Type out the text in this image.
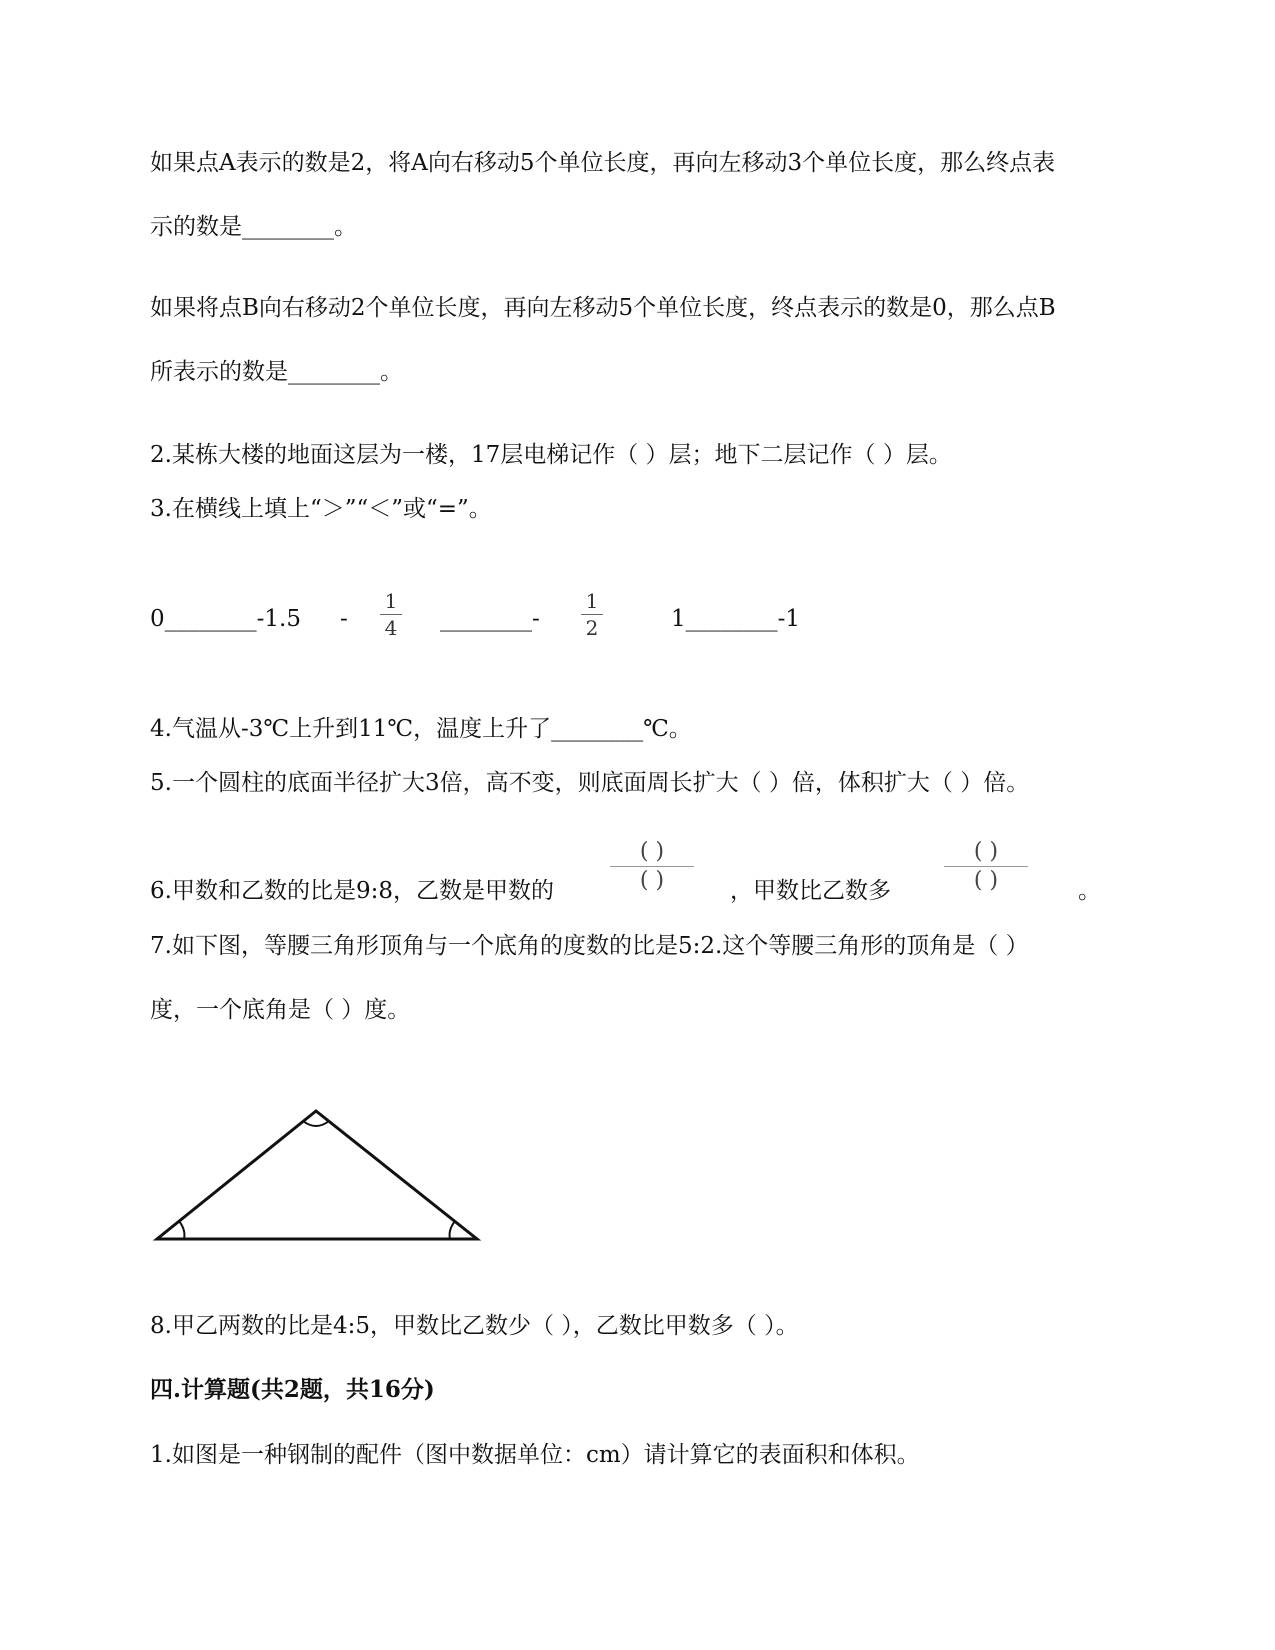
如果点A表示的数是2，将A向右移动5个单位长度，再向左移动3个单位长度，那么终点表
示的数是________。
如果将点B向右移动2个单位长度，再向左移动5个单位长度，终点表示的数是0，那么点B
所表示的数是________。
2.某栋大楼的地面这层为一楼，17层电梯记作（ ）层；地下二层记作（ ）层。
3.在横线上填上“＞”“＜”或“=”。
0________-1.5 -
1
4 ________-
1
2	1________-1
4.气温从-3℃上升到11℃，温度上升了________℃。
5.一个圆柱的底面半径扩大3倍，高不变，则底面周长扩大（ ）倍，体积扩大（ ）倍。
6.甲数和乙数的比是9:8，乙数是甲数的
( )
( )	，甲数比乙数多
( )
( )	。
7.如下图，等腰三角形顶角与一个底角的度数的比是5:2.这个等腰三角形的顶角是（ ）
度，一个底角是（ ）度。
8.甲乙两数的比是4:5，甲数比乙数少（ ），乙数比甲数多（ ）。
四.计算题(共2题，共16分)
1.如图是一种钢制的配件（图中数据单位：cm）请计算它的表面积和体积。
